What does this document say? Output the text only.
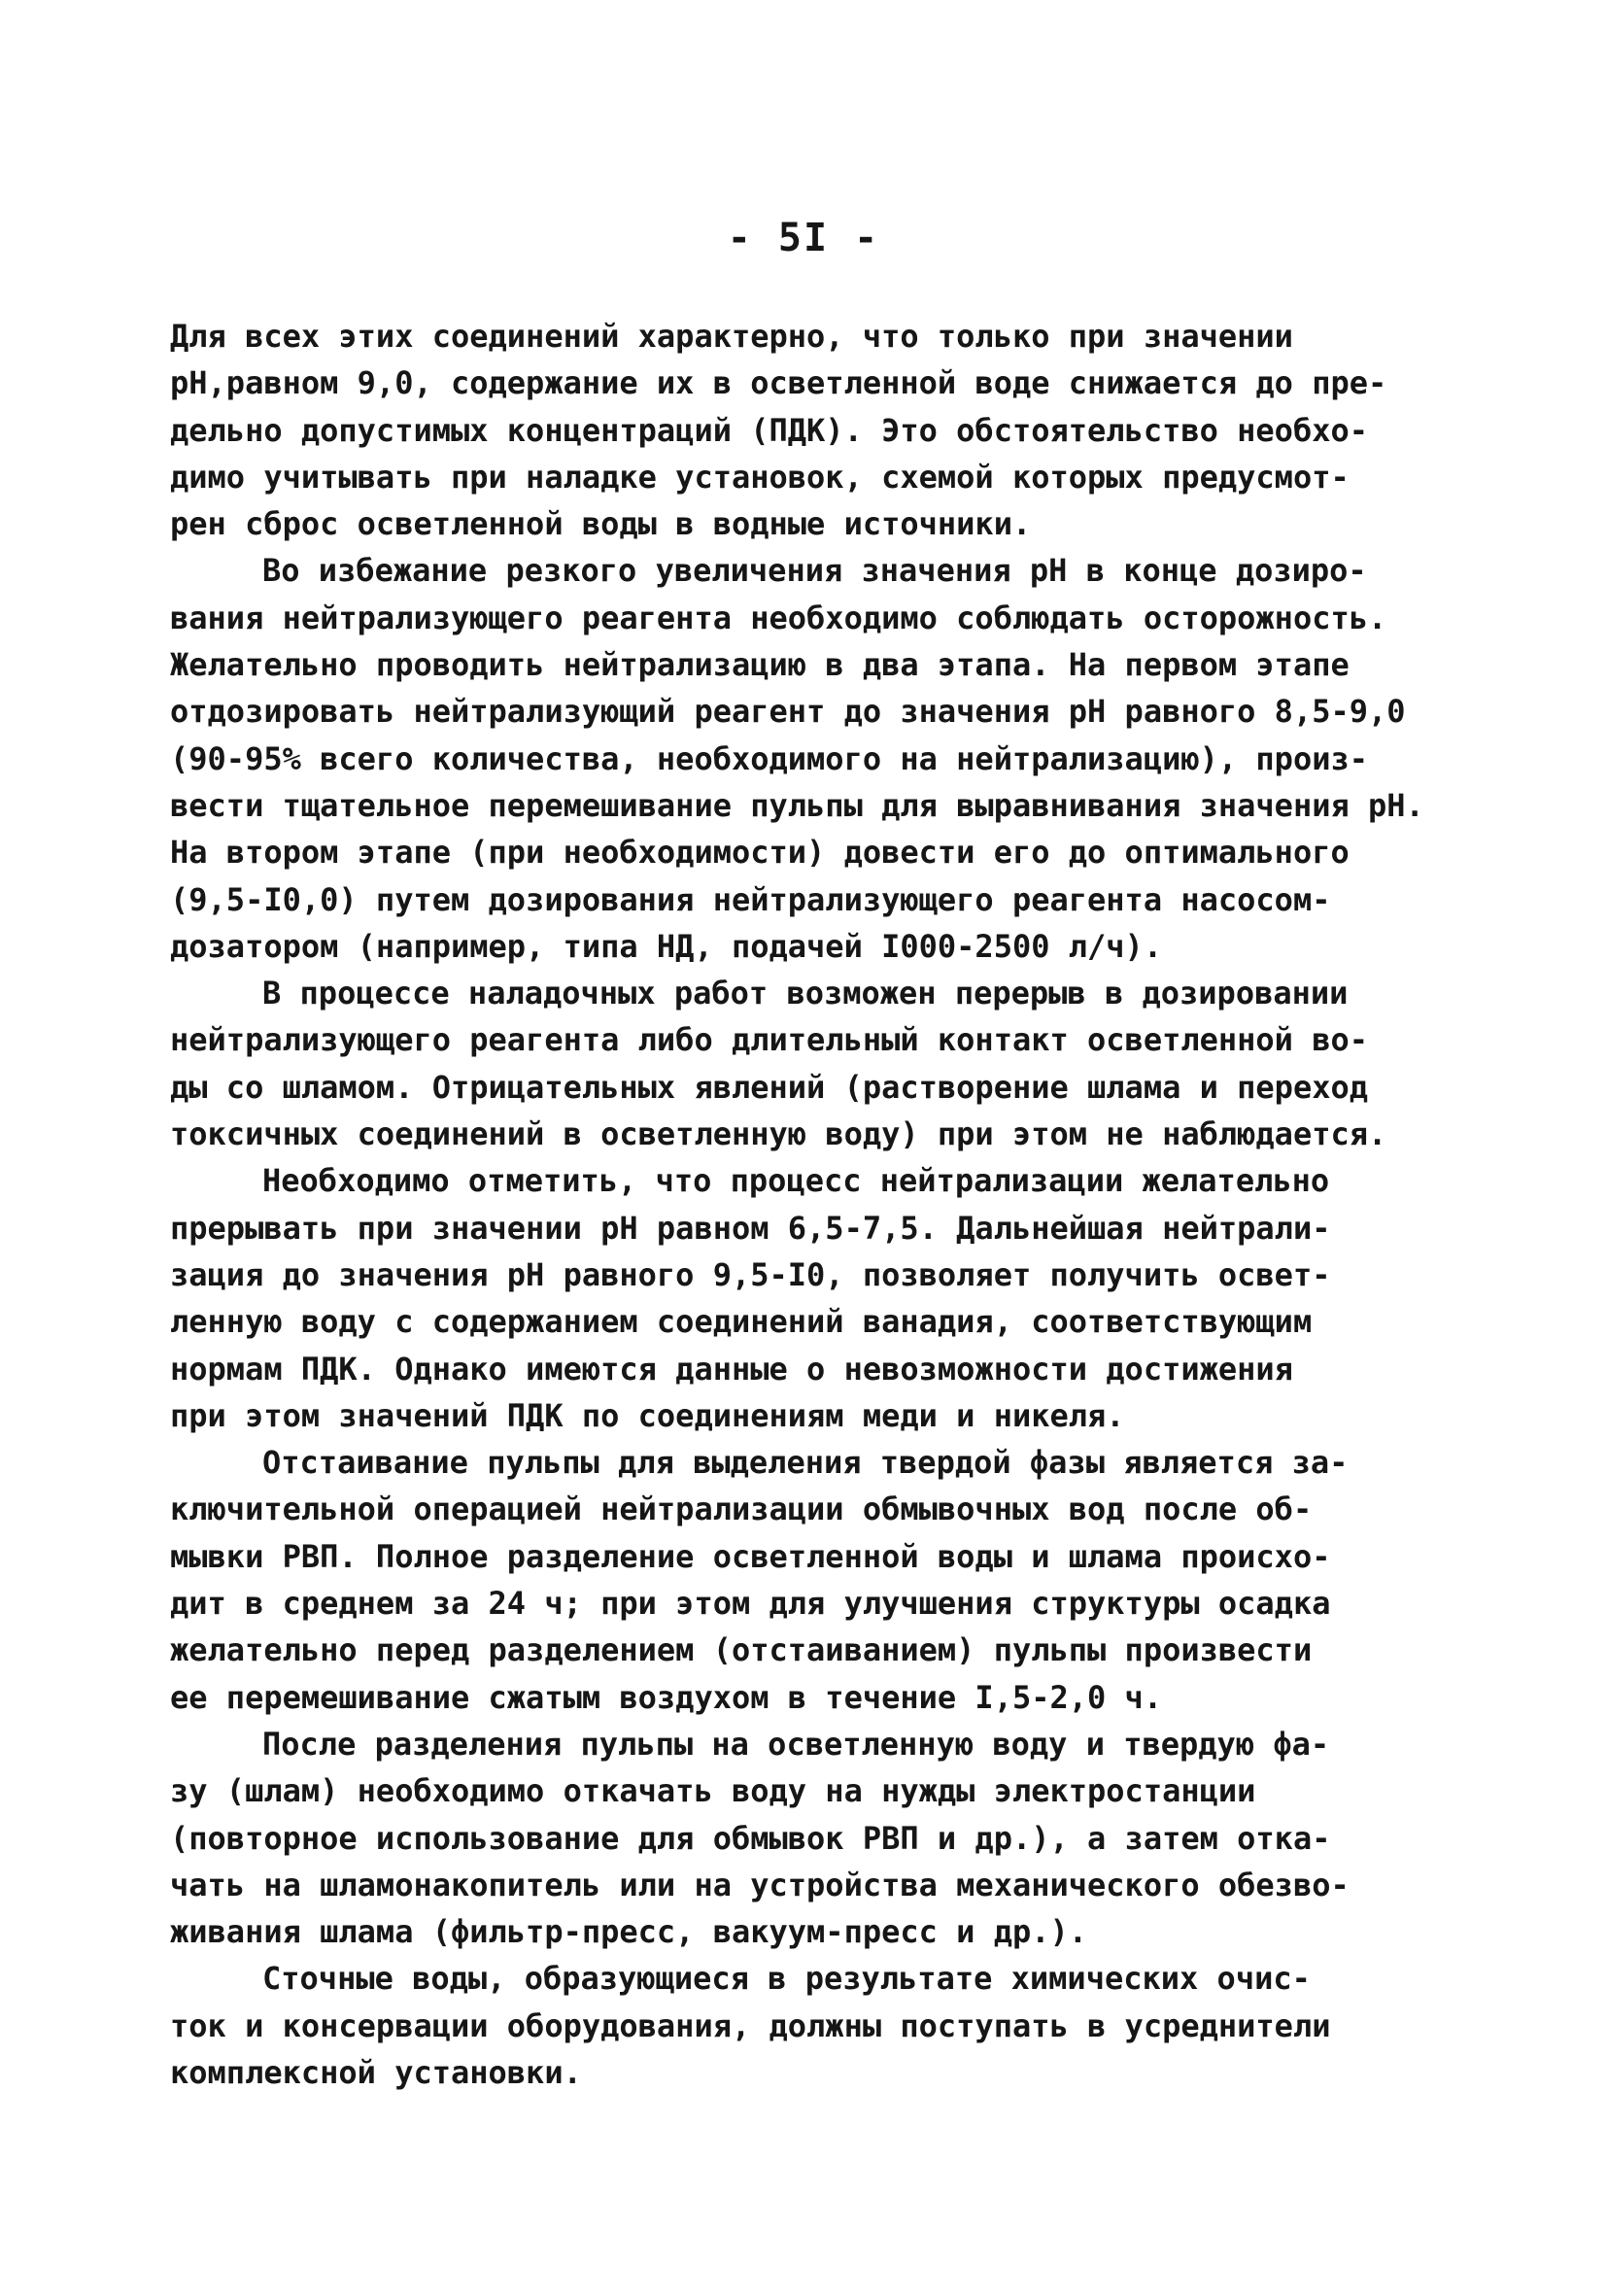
- 5I -
Для всех этих соединений характерно, что только при значении
pH,равном 9,0, содержание их в осветленной воде снижается до пре-
дельно допустимых концентраций (ПДК). Это обстоятельство необхо-
димо учитывать при наладке установок, схемой которых предусмот-
рен сброс осветленной воды в водные источники.
Во избежание резкого увеличения значения pH в конце дозиро-
вания нейтрализующего реагента необходимо соблюдать осторожность.
Желательно проводить нейтрализацию в два этапа. На первом этапе
отдозировать нейтрализующий реагент до значения pH равного 8,5-9,0
(90-95% всего количества, необходимого на нейтрализацию), произ-
вести тщательное перемешивание пульпы для выравнивания значения pH.
На втором этапе (при необходимости) довести его до оптимального
(9,5-I0,0) путем дозирования нейтрализующего реагента насосом-
дозатором (например, типа НД, подачей I000-2500 л/ч).
В процессе наладочных работ возможен перерыв в дозировании
нейтрализующего реагента либо длительный контакт осветленной во-
ды со шламом. Отрицательных явлений (растворение шлама и переход
токсичных соединений в осветленную воду) при этом не наблюдается.
Необходимо отметить, что процесс нейтрализации желательно
прерывать при значении pH равном 6,5-7,5. Дальнейшая нейтрали-
зация до значения pH равного 9,5-I0, позволяет получить освет-
ленную воду с содержанием соединений ванадия, соответствующим
нормам ПДК. Однако имеются данные о невозможности достижения
при этом значений ПДК по соединениям меди и никеля.
Отстаивание пульпы для выделения твердой фазы является за-
ключительной операцией нейтрализации обмывочных вод после об-
мывки РВП. Полное разделение осветленной воды и шлама происхо-
дит в среднем за 24 ч; при этом для улучшения структуры осадка
желательно перед разделением (отстаиванием) пульпы произвести
ее перемешивание сжатым воздухом в течение I,5-2,0 ч.
После разделения пульпы на осветленную воду и твердую фа-
зу (шлам) необходимо откачать воду на нужды электростанции
(повторное использование для обмывок РВП и др.), а затем отка-
чать на шламонакопитель или на устройства механического обезво-
живания шлама (фильтр-пресс, вакуум-пресс и др.).
Сточные воды, образующиеся в результате химических очис-
ток и консервации оборудования, должны поступать в усреднители
комплексной установки.
